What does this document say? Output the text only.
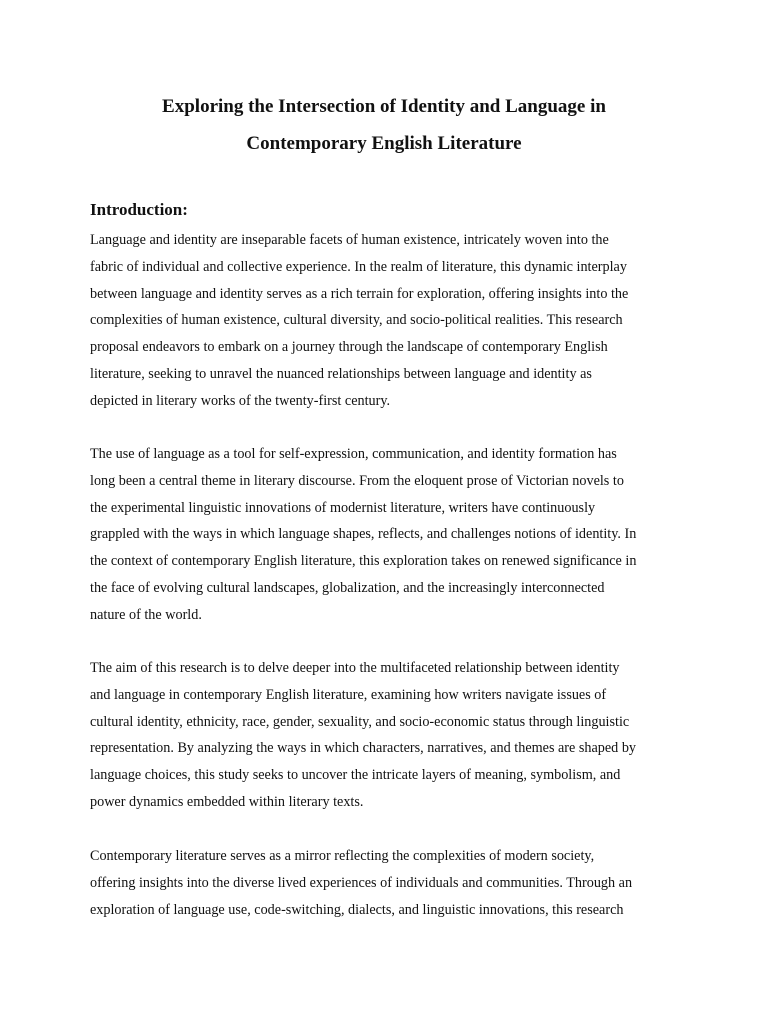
Exploring the Intersection of Identity and Language in
Contemporary English Literature
Introduction:

Language and identity are inseparable facets of human existence, intricately woven into the
fabric of individual and collective experience. In the realm of literature, this dynamic interplay
between language and identity serves as a rich terrain for exploration, offering insights into the
complexities of human existence, cultural diversity, and socio-political realities. This research
proposal endeavors to embark on a journey through the landscape of contemporary English
literature, seeking to unravel the nuanced relationships between language and identity as
depicted in literary works of the twenty-first century.

The use of language as a tool for self-expression, communication, and identity formation has
long been a central theme in literary discourse. From the eloquent prose of Victorian novels to
the experimental linguistic innovations of modernist literature, writers have continuously
grappled with the ways in which language shapes, reflects, and challenges notions of identity. In
the context of contemporary English literature, this exploration takes on renewed significance in
the face of evolving cultural landscapes, globalization, and the increasingly interconnected
nature of the world.

The aim of this research is to delve deeper into the multifaceted relationship between identity
and language in contemporary English literature, examining how writers navigate issues of
cultural identity, ethnicity, race, gender, sexuality, and socio-economic status through linguistic
representation. By analyzing the ways in which characters, narratives, and themes are shaped by
language choices, this study seeks to uncover the intricate layers of meaning, symbolism, and
power dynamics embedded within literary texts.

Contemporary literature serves as a mirror reflecting the complexities of modern society,
offering insights into the diverse lived experiences of individuals and communities. Through an
exploration of language use, code-switching, dialects, and linguistic innovations, this research
